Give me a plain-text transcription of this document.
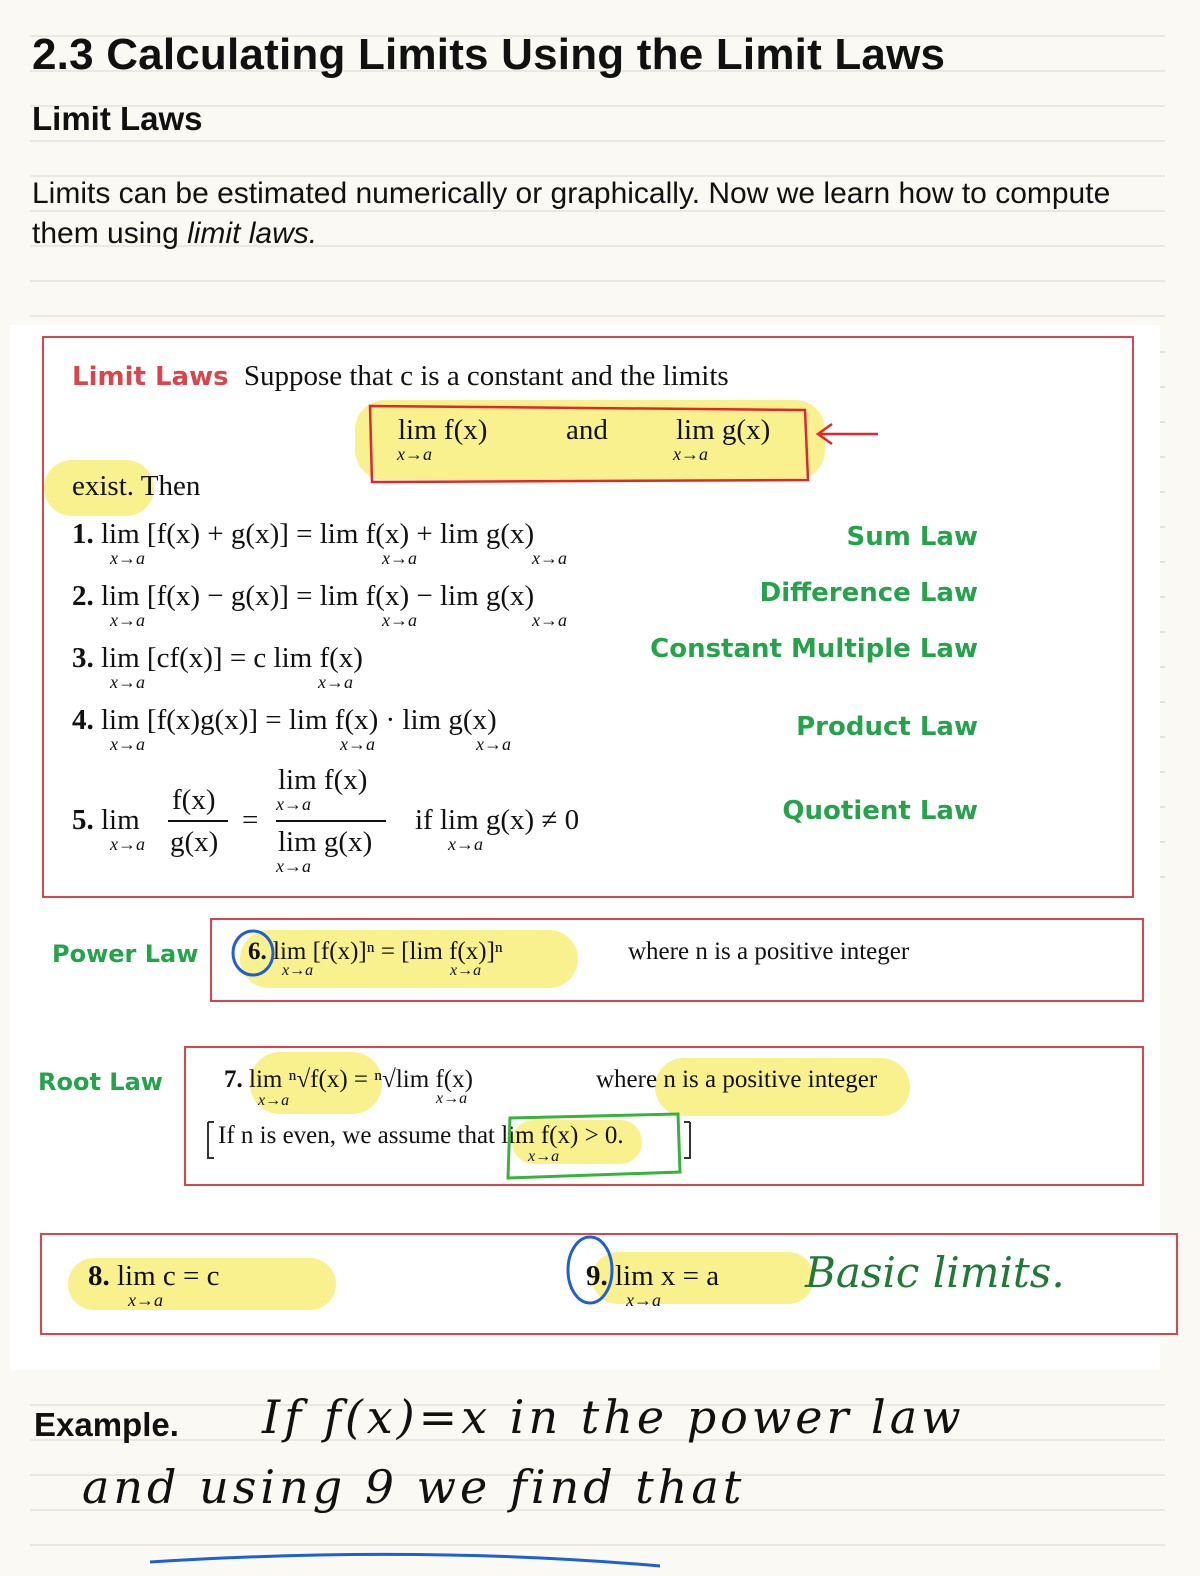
2.3 Calculating Limits Using the Limit Laws
Limit Laws
Limits can be estimated numerically or graphically. Now we learn how to compute them using limit laws.
Limit Laws Suppose that c is a constant and the limits
lim f(x)
x→a
and lim g(x)
x→a
exist. Then
1. lim [f(x) + g(x)] = lim f(x) + lim g(x)
x→a	x→a	x→a
Sum Law
2. lim [f(x) − g(x)] = lim f(x) − lim g(x)
x→a	x→a	x→a
Difference Law
3. lim [cf(x)] = c lim f(x)
x→a	x→a
Constant Multiple Law
4. lim [f(x)g(x)] = lim f(x) · lim g(x)
x→a	x→a	x→a
Product Law
5. lim
x→a
f(x)
g(x)
=
lim f(x)
x→a
lim g(x)
x→a
if lim g(x) ≠ 0
x→a
Quotient Law
Power Law 6. lim [f(x)]ⁿ = [lim f(x)]ⁿ
x→a	x→a
where n is a positive integer
Root Law 7. lim ⁿ√f(x) = ⁿ√lim f(x)
x→a	x→a
where n is a positive integer
If n is even, we assume that lim f(x) > 0.
x→a
8. lim c = c
x→a
9. lim x = a
x→a
Basic limits.
Example. If f(x)=x in the power law
and using 9 we find that
